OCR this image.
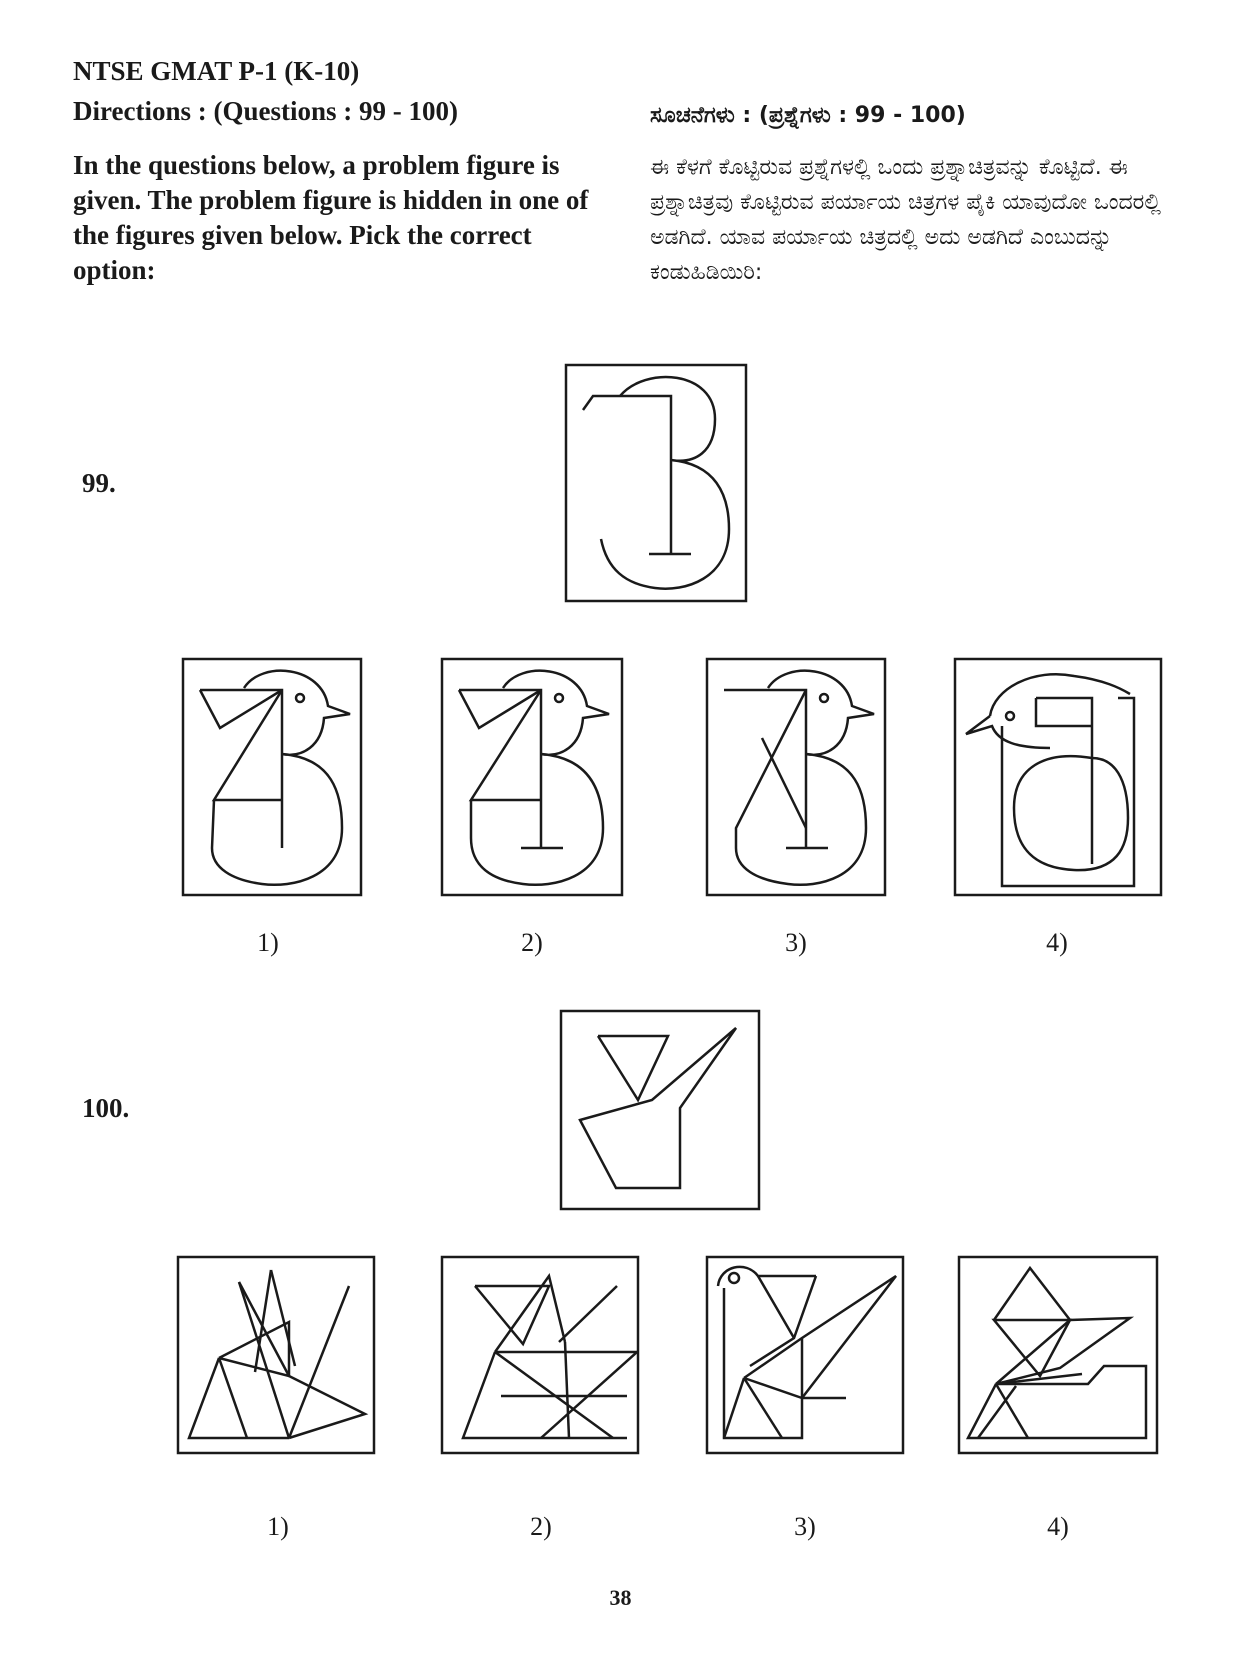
NTSE GMAT P-1 (K-10)
Directions : (Questions : 99 - 100)	ಸೂಚನೆಗಳು : (ಪ್ರಶ್ನೆಗಳು : 99 - 100)
In the questions below, a problem figure is given. The problem figure is hidden in one of the figures given below. Pick the correct option:
ಈ ಕೆಳಗೆ ಕೊಟ್ಟಿರುವ ಪ್ರಶ್ನೆಗಳಲ್ಲಿ ಒಂದು ಪ್ರಶ್ನಾಚಿತ್ರವನ್ನು ಕೊಟ್ಟಿದೆ. ಈ ಪ್ರಶ್ನಾಚಿತ್ರವು ಕೊಟ್ಟಿರುವ ಪರ್ಯಾಯ ಚಿತ್ರಗಳ ಪೈಕಿ ಯಾವುದೋ ಒಂದರಲ್ಲಿ ಅಡಗಿದೆ. ಯಾವ ಪರ್ಯಾಯ ಚಿತ್ರದಲ್ಲಿ ಅದು ಅಡಗಿದೆ ಎಂಬುದನ್ನು ಕಂಡುಹಿಡಿಯಿರಿ:
99.
1)	2)	3)	4)
100.
1)	2)	3)	4)
38
